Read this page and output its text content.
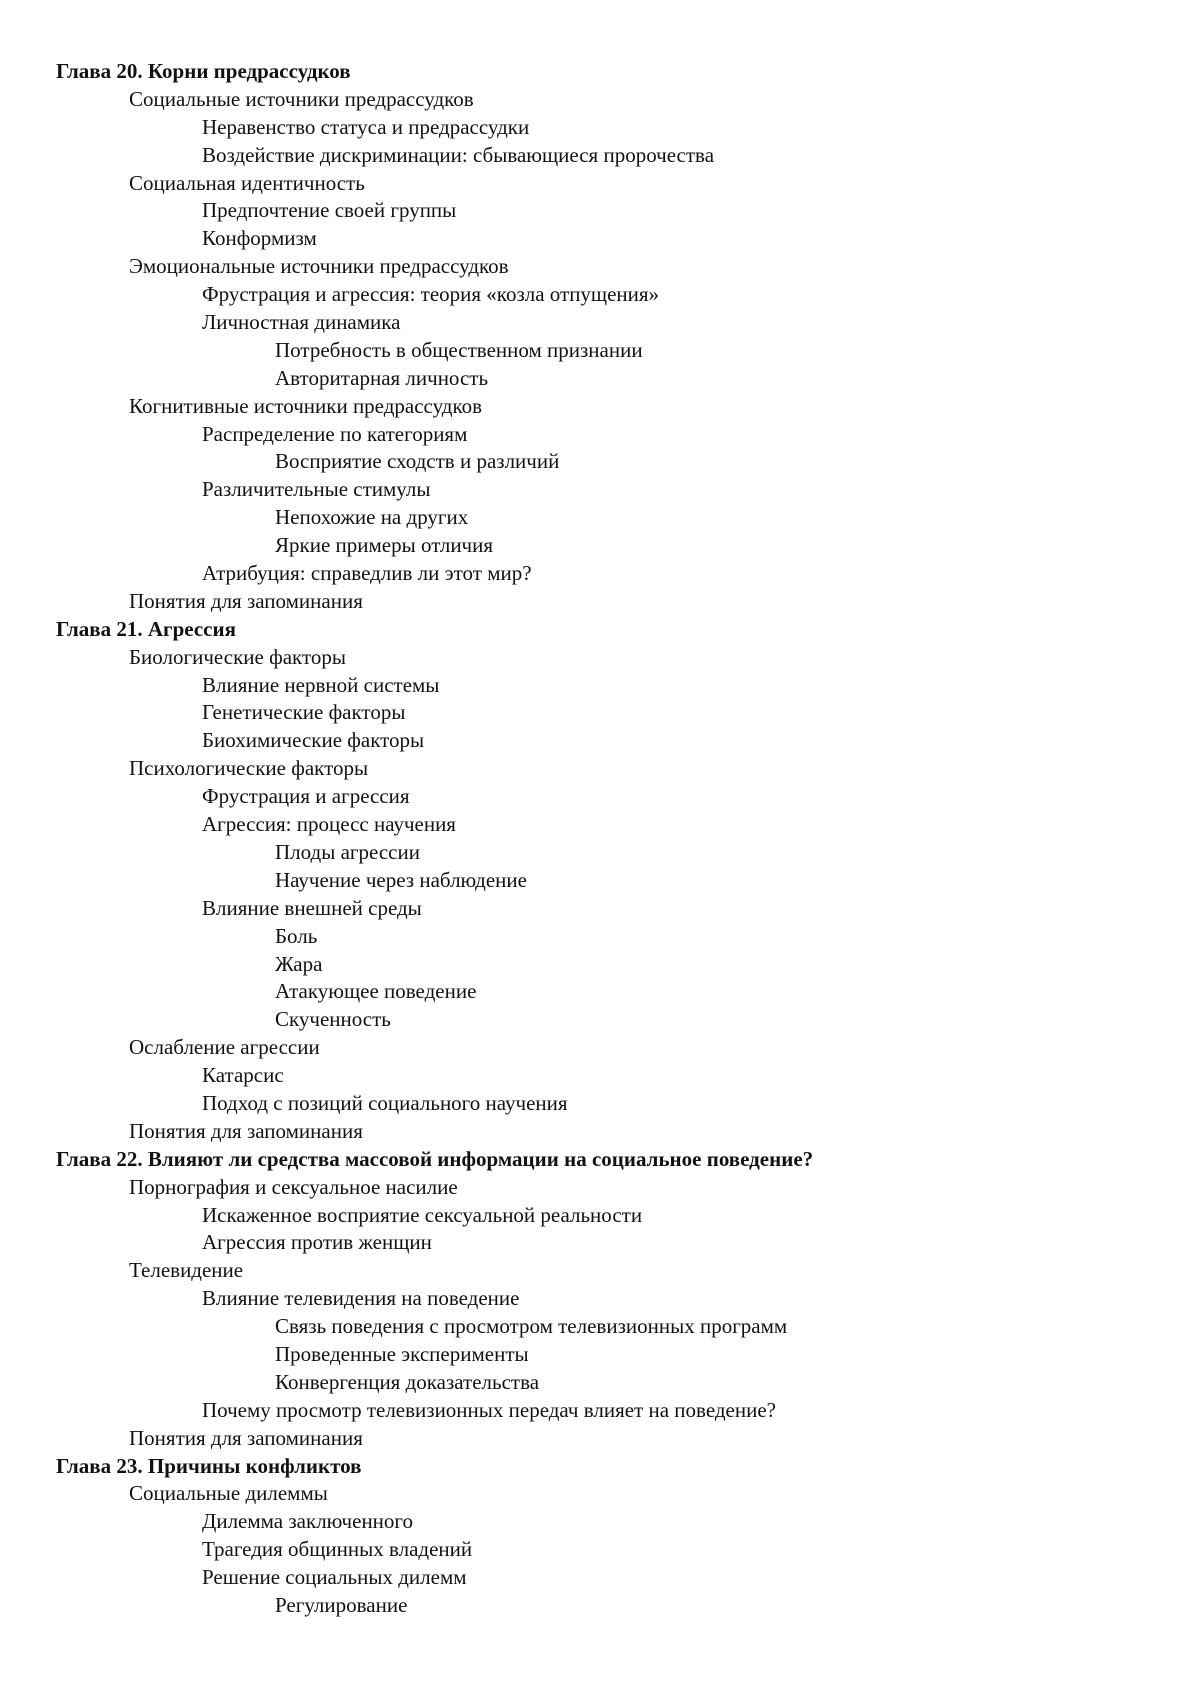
Глава 20. Корни предрассудков
Социальные источники предрассудков
Неравенство статуса и предрассудки
Воздействие дискриминации: сбывающиеся пророчества
Социальная идентичность
Предпочтение своей группы
Конформизм
Эмоциональные источники предрассудков
Фрустрация и агрессия: теория «козла отпущения»
Личностная динамика
Потребность в общественном признании
Авторитарная личность
Когнитивные источники предрассудков
Распределение по категориям
Восприятие сходств и различий
Различительные стимулы
Непохожие на других
Яркие примеры отличия
Атрибуция: справедлив ли этот мир?
Понятия для запоминания
Глава 21. Агрессия
Биологические факторы
Влияние нервной системы
Генетические факторы
Биохимические факторы
Психологические факторы
Фрустрация и агрессия
Агрессия: процесс научения
Плоды агрессии
Научение через наблюдение
Влияние внешней среды
Боль
Жара
Атакующее поведение
Скученность
Ослабление агрессии
Катарсис
Подход с позиций социального научения
Понятия для запоминания
Глава 22. Влияют ли средства массовой информации на социальное поведение?
Порнография и сексуальное насилие
Искаженное восприятие сексуальной реальности
Агрессия против женщин
Телевидение
Влияние телевидения на поведение
Связь поведения с просмотром телевизионных программ
Проведенные эксперименты
Конвергенция доказательства
Почему просмотр телевизионных передач влияет на поведение?
Понятия для запоминания
Глава 23. Причины конфликтов
Социальные дилеммы
Дилемма заключенного
Трагедия общинных владений
Решение социальных дилемм
Регулирование
